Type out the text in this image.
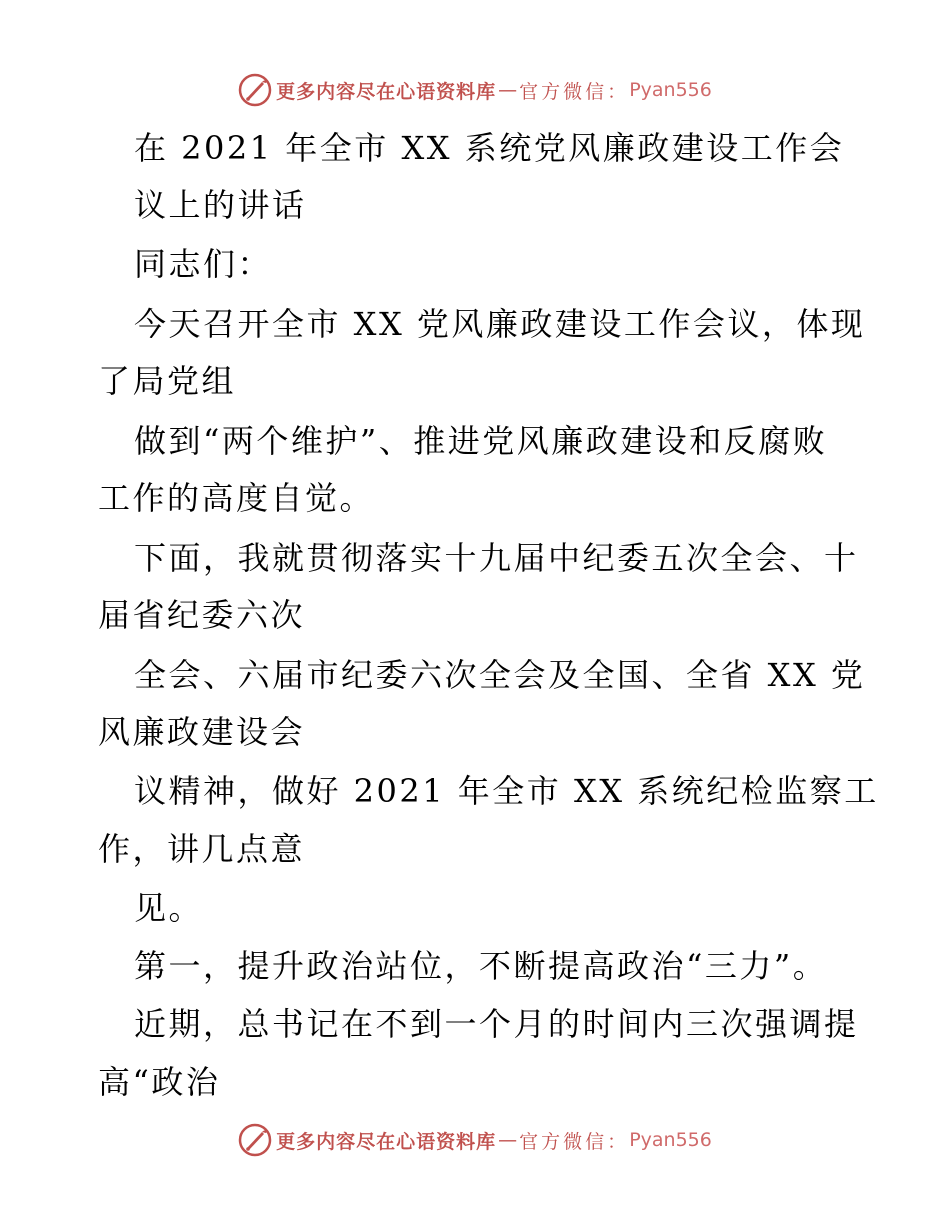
更多内容尽在心语资料库 — 官方微信： Pyan556
在 2021 年全市 XX 系统党风廉政建设工作会
议上的讲话
同志们：
今天召开全市 XX 党风廉政建设工作会议，体现
了局党组
做到“两个维护”、推进党风廉政建设和反腐败
工作的高度自觉。
下面，我就贯彻落实十九届中纪委五次全会、十
届省纪委六次
全会、六届市纪委六次全会及全国、全省 XX 党
风廉政建设会
议精神，做好 2021 年全市 XX 系统纪检监察工
作，讲几点意
见。
第一，提升政治站位，不断提高政治“三力”。
近期，总书记在不到一个月的时间内三次强调提
高“政治
更多内容尽在心语资料库 — 官方微信： Pyan556
